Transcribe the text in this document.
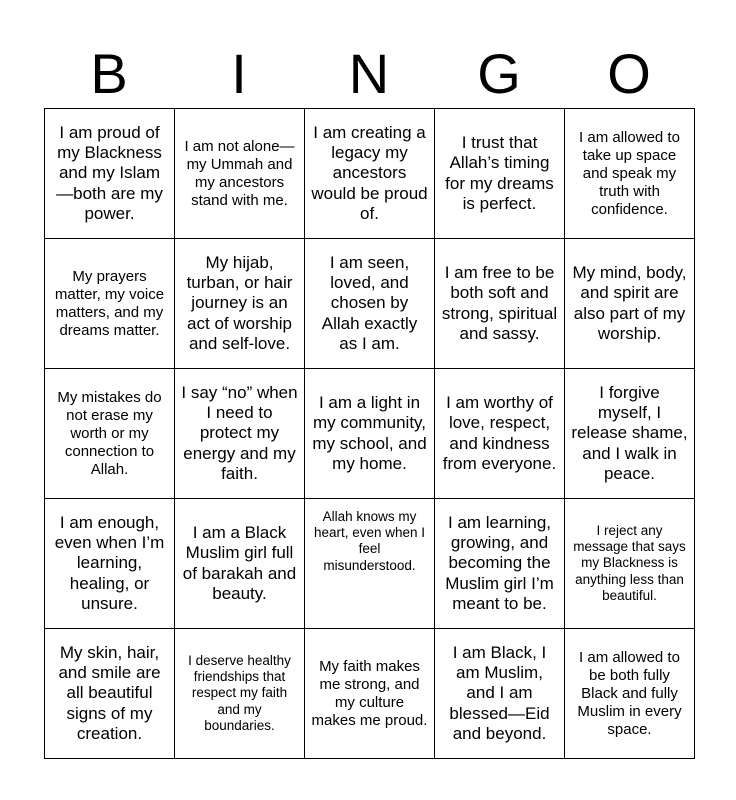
B	I	N	G	O
I am proud of my Blackness and my Islam—both are my power.	I am not alone—my Ummah and my ancestors stand with me.	I am creating a legacy my ancestors would be proud of.	I trust that Allah’s timing for my dreams is perfect.	I am allowed to take up space and speak my truth with confidence.
My prayers matter, my voice matters, and my dreams matter.	My hijab, turban, or hair journey is an act of worship and self-love.	I am seen, loved, and chosen by Allah exactly as I am.	I am free to be both soft and strong, spiritual and sassy.	My mind, body, and spirit are also part of my worship.
My mistakes do not erase my worth or my connection to Allah.	I say “no” when I need to protect my energy and my faith.	I am a light in my community, my school, and my home.	I am worthy of love, respect, and kindness from everyone.	I forgive myself, I release shame, and I walk in peace.
I am enough, even when I’m learning, healing, or unsure.	I am a Black Muslim girl full of barakah and beauty.	Allah knows my heart, even when I feel misunderstood.	I am learning, growing, and becoming the Muslim girl I’m meant to be.	I reject any message that says my Blackness is anything less than beautiful.
My skin, hair, and smile are all beautiful signs of my creation.	I deserve healthy friendships that respect my faith and my boundaries.	My faith makes me strong, and my culture makes me proud.	I am Black, I am Muslim, and I am blessed—Eid and beyond.	I am allowed to be both fully Black and fully Muslim in every space.
